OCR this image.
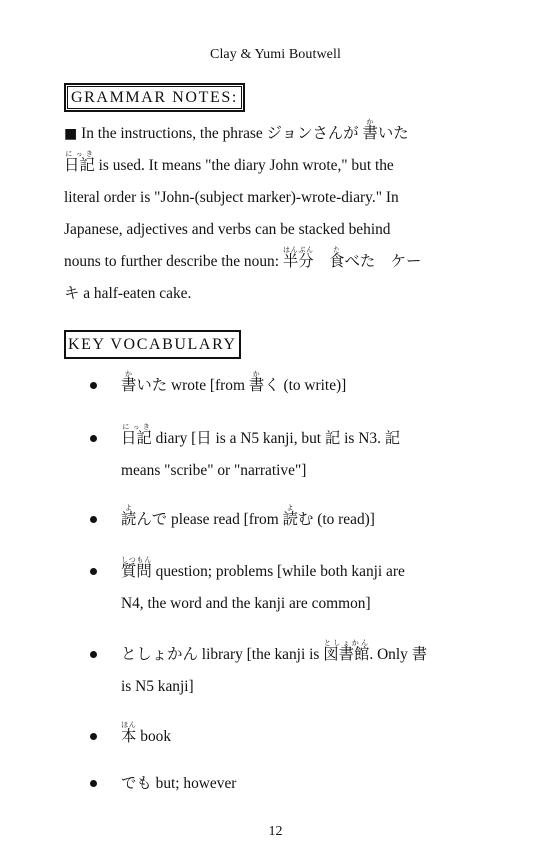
Clay & Yumi Boutwell
GRAMMAR NOTES:
■ In the instructions, the phrase ジョンさんが 書かいた
日記にっき is used. It means "the diary John wrote," but the
literal order is "John-(subject marker)-wrote-diary." In
Japanese, adjectives and verbs can be stacked behind
nouns to further describe the noun: 半分はんぶん　食たべた　ケー
キ a half-eaten cake.
KEY VOCABULARY
書かいた wrote [from 書かく (to write)]
日記にっき diary [日 is a N5 kanji, but 記 is N3. 記
means "scribe" or "narrative"]
読よんで please read [from 読よむ (to read)]
質問しつもん question; problems [while both kanji are
N4, the word and the kanji are common]
としょかん library [the kanji is 図書館としょかん. Only 書
is N5 kanji]
本ほん book
でも but; however
12
